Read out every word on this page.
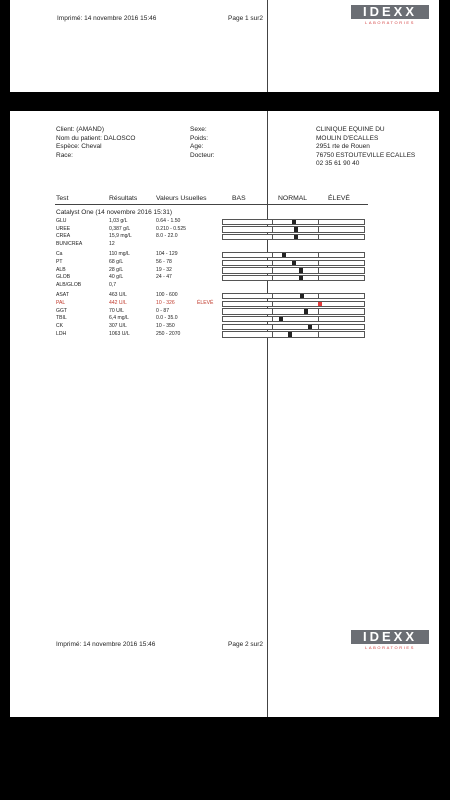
Imprimé: 14 novembre 2016 15:46	Page 1 sur2	IDEXX
LABORATORIES
Client: (AMAND)
Nom du patient: DALOSCO
Espèce: Cheval
Race:
Sexe:
Poids:
Age:
Docteur:
CLINIQUE EQUINE DU
MOULIN D'ECALLES
2951 rte de Rouen
76750 ESTOUTEVILLE ECALLES
02 35 61 90 40
Test	Résultats	Valeurs Usuelles	BAS	NORMAL	ÉLEVÉ
Catalyst One (14 novembre 2016 15:31)
GLU	1,03 g/L	0.64 - 1.50
UREE	0,387 g/L	0.210 - 0.525
CREA	15,9 mg/L	8.0 - 22.0
BUN/CREA	12
Ca	110 mg/L	104 - 129
PT	68 g/L	56 - 78
ALB	28 g/L	19 - 32
GLOB	40 g/L	24 - 47
ALB/GLOB	0,7
ASAT	463 U/L	100 - 600
PAL	442 U/L	10 - 326	ÉLEVÉ
GGT	70 U/L	0 - 87
TBIL	6,4 mg/L	0.0 - 35.0
CK	307 U/L	10 - 350
LDH	1063 U/L	250 - 2070
Imprimé: 14 novembre 2016 15:46	Page 2 sur2
IDEXX
LABORATORIES
